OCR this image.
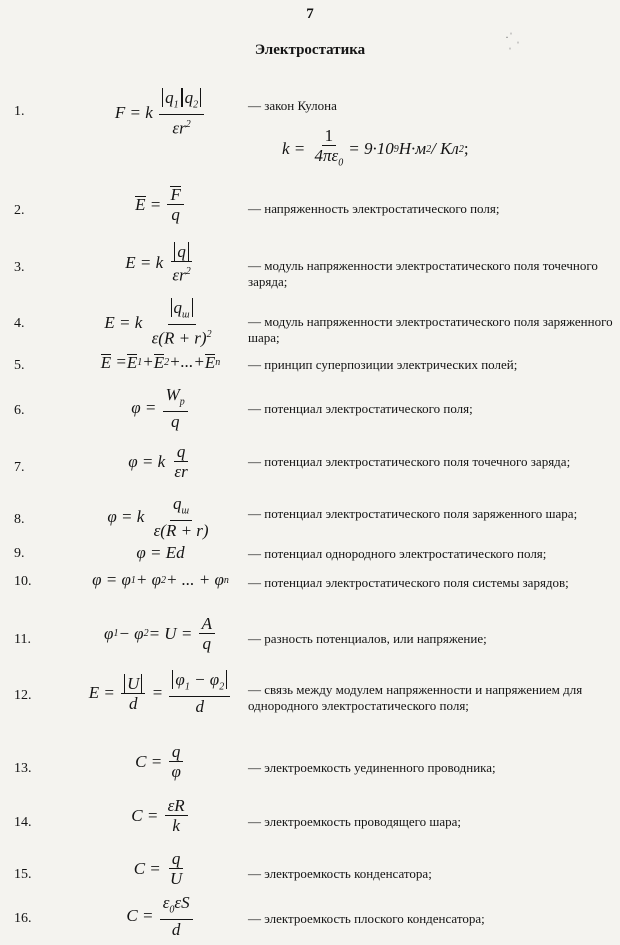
7
Электростатика
·ˈ ˌ
ˈ
1.	F = k $\frac{q_1 q_2}{\varepsilon r^2}$	— закон Кулона
k =
$\frac{1}{4\pi\varepsilon_0} = 9\cdot 10$ 9 Н·м 2 / Кл 2 ;
2.	$E = \frac{F}{q}$	— напряженность электростатического поля;
3.	E = k $\frac{q}{\varepsilon r^2}$	— модуль напряженности электростатического поля точечного заряда;
4.	E = k $\frac{q_ш}{\varepsilon(R + r)^2}$	— модуль напряженности электростатического поля заряженного шара;
5.	E = E 1 + E 2 +...+ E n — принцип суперпозиции электрических полей;
6.	$\varphi = \frac{W_p}{q}$	— потенциал электростатического поля;
7.	φ = k $\frac{q}{\varepsilon r}$	— потенциал электростатического поля точечного заряда;
8.	φ = k $\frac{q_ш}{\varepsilon(R + r)}$	— потенциал электростатического поля заряженного шара;
9.	φ = Ed	— потенциал однородного электростатического поля;
10.	φ = φ 1 + φ 2 + ... + φ n — потенциал электростатического поля системы зарядов;
11.	φ 1 − φ $2 = U = \frac{A}{q}$	— разность потенциалов, или напряжение;
12.	$E = \frac{U}{d} = \frac{\varphi_1 - \varphi_2}{d}$ — связь между модулем напряженности и напряжением для однородного электростатического поля;
13.	$C = \frac{q}{\varphi}$	— электроемкость уединенного проводника;
14.	$C = \frac{\varepsilon R}{k}$	— электроемкость проводящего шара;
15.	$C = \frac{q}{U}$	— электроемкость конденсатора;
16.	$C = \frac{\varepsilon_0\varepsilon S}{d}$	— электроемкость плоского конденсатора;
